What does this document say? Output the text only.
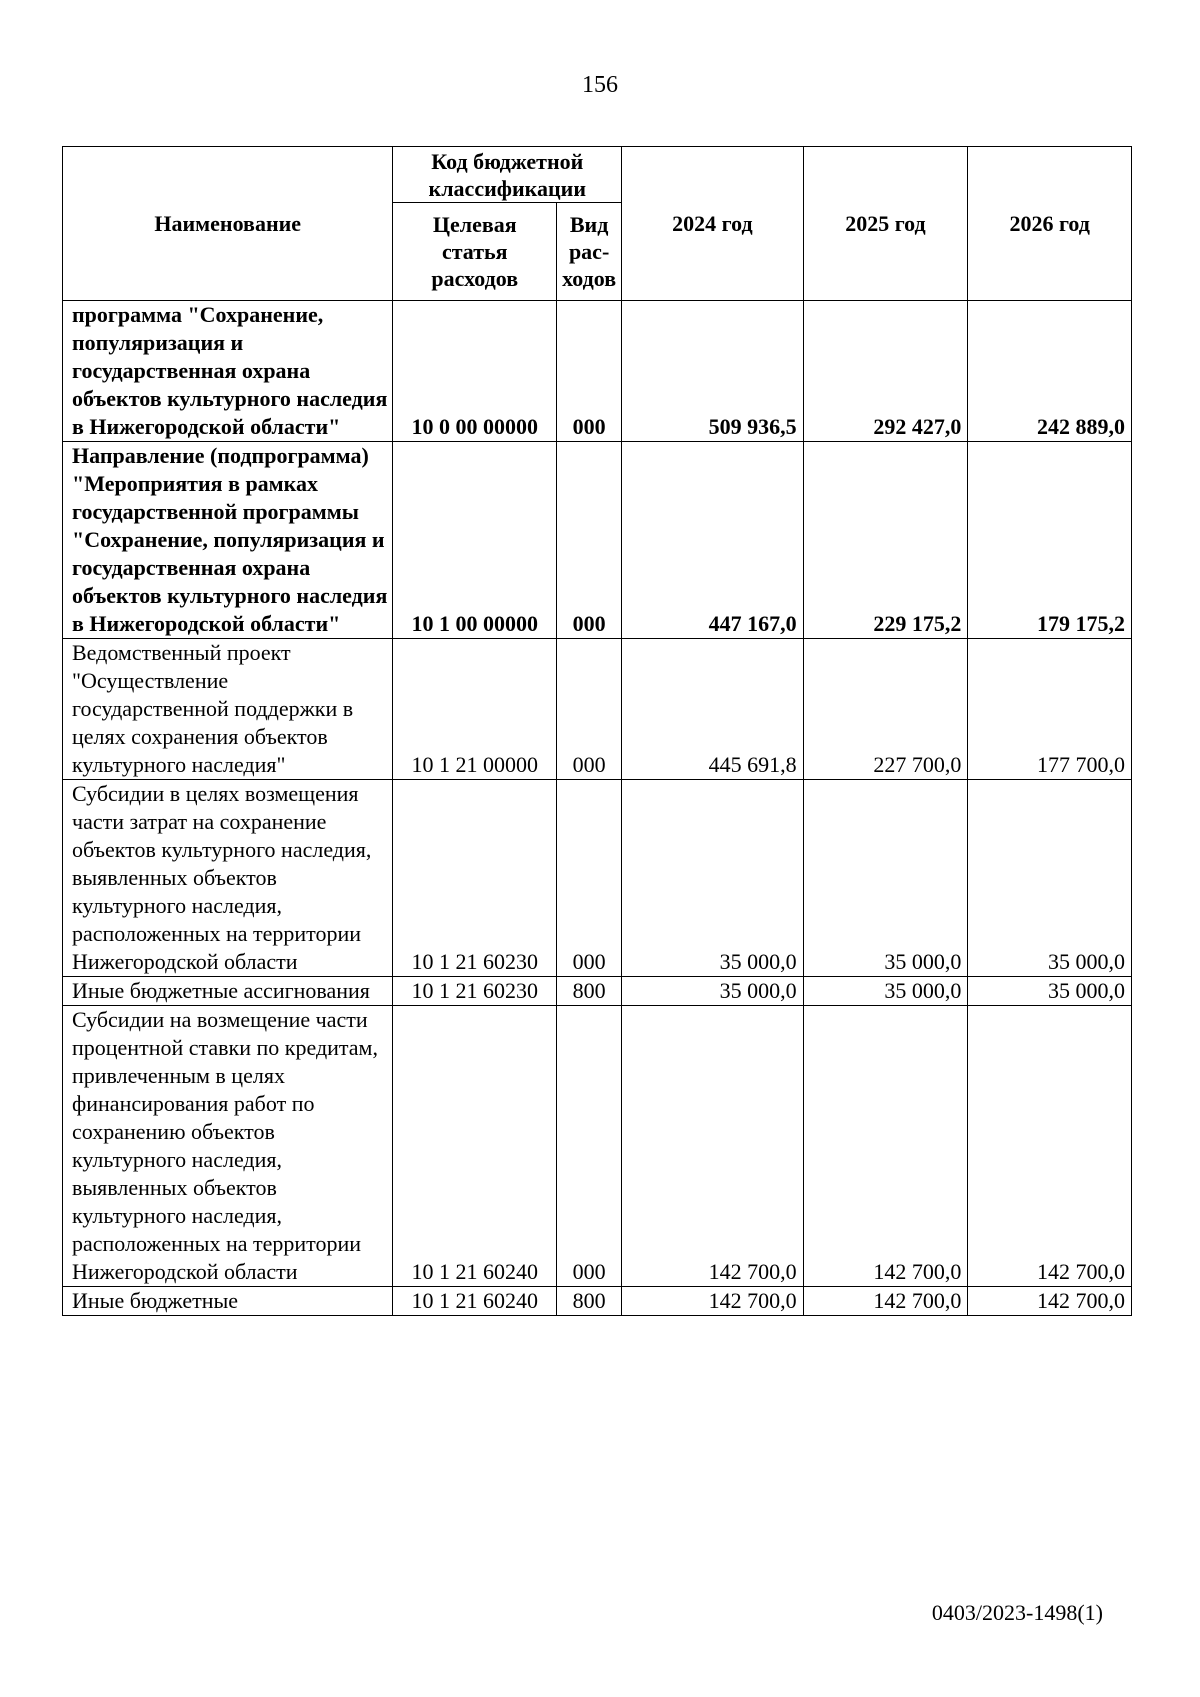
156
Наименование	Код бюджетной классификации		2024 год	2025 год	2026 год
	Целевая статья расходов	Вид рас-ходов			
программа "Сохранение, популяризация и государственная охрана объектов культурного наследия в Нижегородской области"	10 0 00 00000	000	509 936,5	292 427,0	242 889,0
Направление (подпрограмма) "Мероприятия в рамках государственной программы "Сохранение, популяризация и государственная охрана объектов культурного наследия в Нижегородской области"	10 1 00 00000	000	447 167,0	229 175,2	179 175,2
Ведомственный проект "Осуществление государственной поддержки в целях сохранения объектов культурного наследия"	10 1 21 00000	000	445 691,8	227 700,0	177 700,0
Субсидии в целях возмещения части затрат на сохранение объектов культурного наследия, выявленных объектов культурного наследия, расположенных на территории Нижегородской области	10 1 21 60230	000	35 000,0	35 000,0	35 000,0
Иные бюджетные ассигнования	10 1 21 60230	800	35 000,0	35 000,0	35 000,0
Субсидии на возмещение части процентной ставки по кредитам, привлеченным в целях финансирования работ по сохранению объектов культурного наследия, выявленных объектов культурного наследия, расположенных на территории Нижегородской области	10 1 21 60240	000	142 700,0	142 700,0	142 700,0
Иные бюджетные	10 1 21 60240	800	142 700,0	142 700,0	142 700,0
0403/2023-1498(1)
